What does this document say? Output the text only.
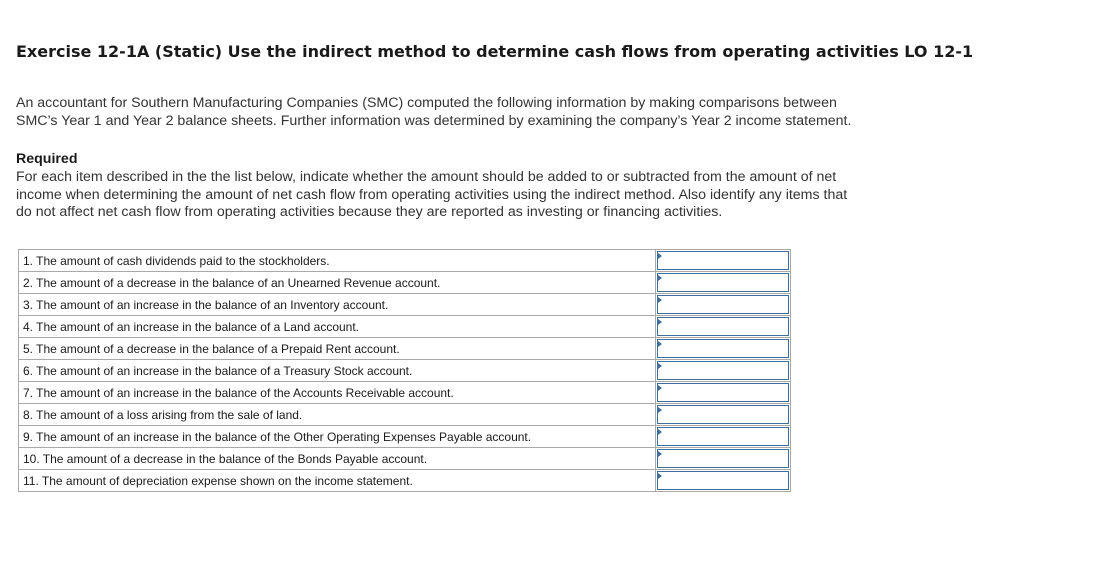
Exercise 12-1A (Static) Use the indirect method to determine cash flows from operating activities LO 12-1

An accountant for Southern Manufacturing Companies (SMC) computed the following information by making comparisons between
SMC’s Year 1 and Year 2 balance sheets. Further information was determined by examining the company’s Year 2 income statement.

Required

For each item described in the the list below, indicate whether the amount should be added to or subtracted from the amount of net
income when determining the amount of net cash flow from operating activities using the indirect method. Also identify any items that
do not affect net cash flow from operating activities because they are reported as investing or financing activities.

1. The amount of cash dividends paid to the stockholders.	

2. The amount of a decrease in the balance of an Unearned Revenue account.	

3. The amount of an increase in the balance of an Inventory account.	

4. The amount of an increase in the balance of a Land account.	

5. The amount of a decrease in the balance of a Prepaid Rent account.	

6. The amount of an increase in the balance of a Treasury Stock account.	

7. The amount of an increase in the balance of the Accounts Receivable account.	

8. The amount of a loss arising from the sale of land.	

9. The amount of an increase in the balance of the Other Operating Expenses Payable account.	

10. The amount of a decrease in the balance of the Bonds Payable account.	

11. The amount of depreciation expense shown on the income statement.	
